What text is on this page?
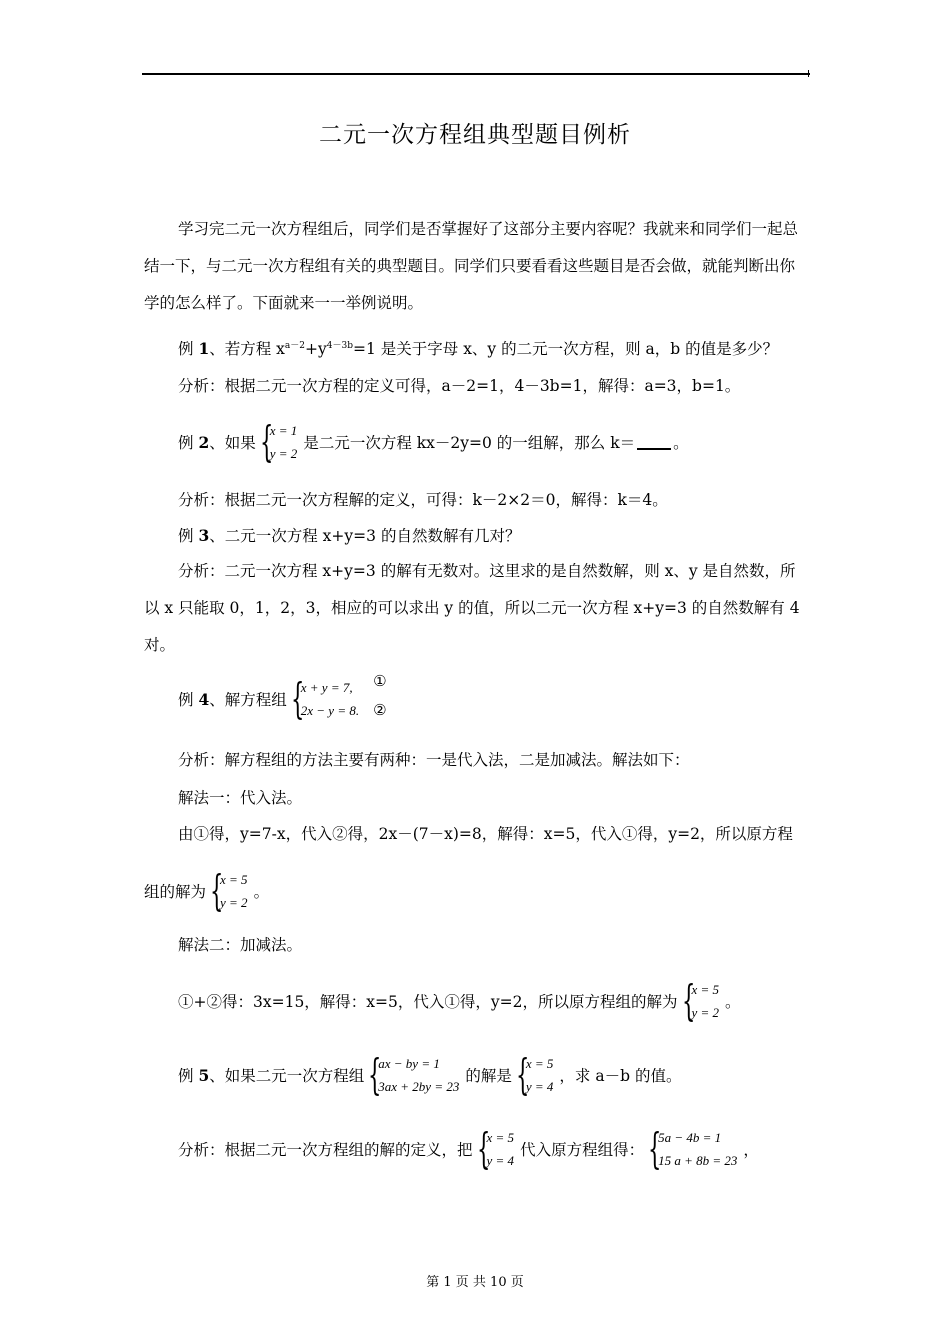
二元一次方程组典型题目例析
学习完二元一次方程组后，同学们是否掌握好了这部分主要内容呢？我就来和同学们一起总结一下，与二元一次方程组有关的典型题目。同学们只要看看这些题目是否会做，就能判断出你学的怎么样了。下面就来一一举例说明。
例 1、若方程 $x^{a-2}+y^{4-3b}=1$ 是关于字母 x、y 的二元一次方程，则 a，b 的值是多少？
分析：根据二元一次方程的定义可得，a－2=1，4－3b=1，解得：a=3，b=1。
例
2 、如果 {
x = 1
y = 2
是二元一次方程 kx－2y=0 的一组解，那么 k＝ 。
分析：根据二元一次方程解的定义，可得：k－2×2＝0，解得：k＝4。
例 3、二元一次方程 x+y=3 的自然数解有几对？
分析：二元一次方程 x+y=3 的解有无数对。这里求的是自然数解，则 x、y 是自然数，所以 x 只能取 0，1，2，3，相应的可以求出 y 的值，所以二元一次方程 x+y=3 的自然数解有 4 对。
例
4 、解方程组 {
x + y = 7,
2x − y = 8.
①
②
分析：解方程组的方法主要有两种：一是代入法，二是加减法。解法如下：
解法一：代入法。
由①得，y=7-x，代入②得，2x－(7－x)=8，解得：x=5，代入①得，y=2，所以原方程
组的解为 {
x = 5
y = 2
。
解法二：加减法。
①+②得：3x=15，解得：x=5，代入①得，y=2，所以原方程组的解为 {
x = 5
y = 2
。
例
5 、如果二元一次方程组 {
ax − by = 1
3ax + 2by = 23
的解是 {
x = 5
y = 4
，求 a－b 的值。
分析：根据二元一次方程组的解的定义，把 {
x = 5
y = 4
代入原方程组得： {
5a − 4b = 1
15 a + 8b = 23
，
第 1 页 共 10 页
